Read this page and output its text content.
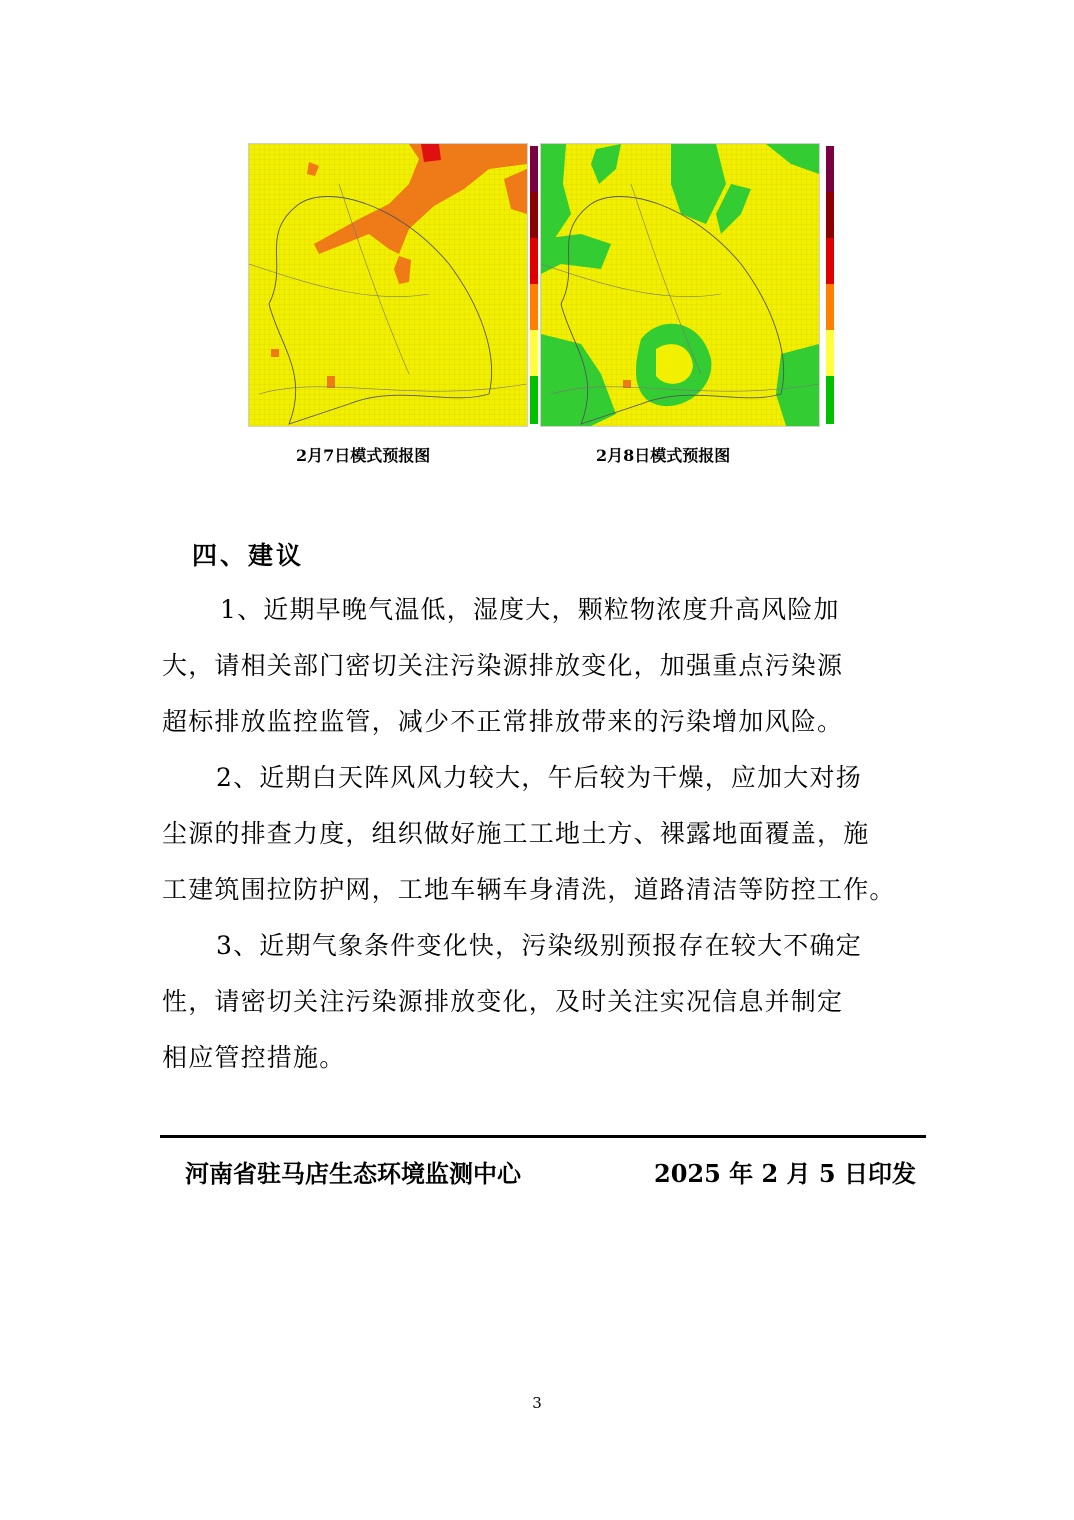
2月7日模式预报图	2月8日模式预报图
四、建议
1、近期早晚气温低，湿度大，颗粒物浓度升高风险加
大，请相关部门密切关注污染源排放变化，加强重点污染源
超标排放监控监管，减少不正常排放带来的污染增加风险。
2、近期白天阵风风力较大，午后较为干燥，应加大对扬
尘源的排查力度，组织做好施工工地土方、裸露地面覆盖，施
工建筑围拉防护网，工地车辆车身清洗，道路清洁等防控工作。
3、近期气象条件变化快，污染级别预报存在较大不确定
性，请密切关注污染源排放变化，及时关注实况信息并制定
相应管控措施。
河南省驻马店生态环境监测中心	2025 年 2 月 5 日印发
3
